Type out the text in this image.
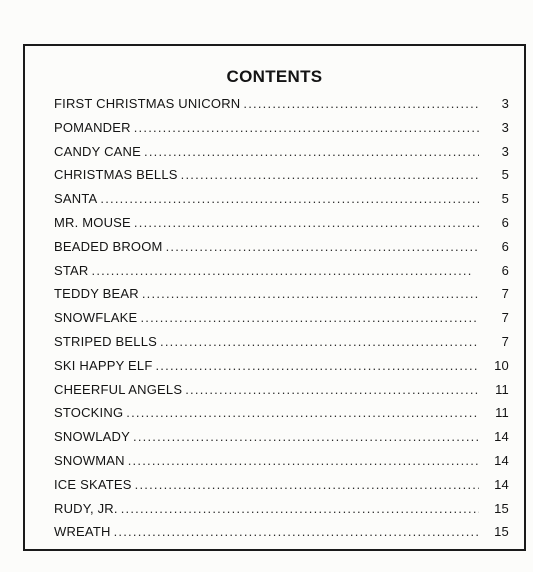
CONTENTS
FIRST CHRISTMAS UNICORN . . .	3
POMANDER . . .	3
CANDY CANE . . .	3
CHRISTMAS BELLS . . .	5
SANTA . . .	5
MR. MOUSE . . .	6
BEADED BROOM . . .	6
STAR . . .	6
TEDDY BEAR . . .	7
SNOWFLAKE . . .	7
STRIPED BELLS . . .	7
SKI HAPPY ELF . . .	10
CHEERFUL ANGELS . . .	11
STOCKING . . .	11
SNOWLADY . . .	14
SNOWMAN . . .	14
ICE SKATES . . .	14
RUDY, JR. . . .	15
WREATH . . .	15
